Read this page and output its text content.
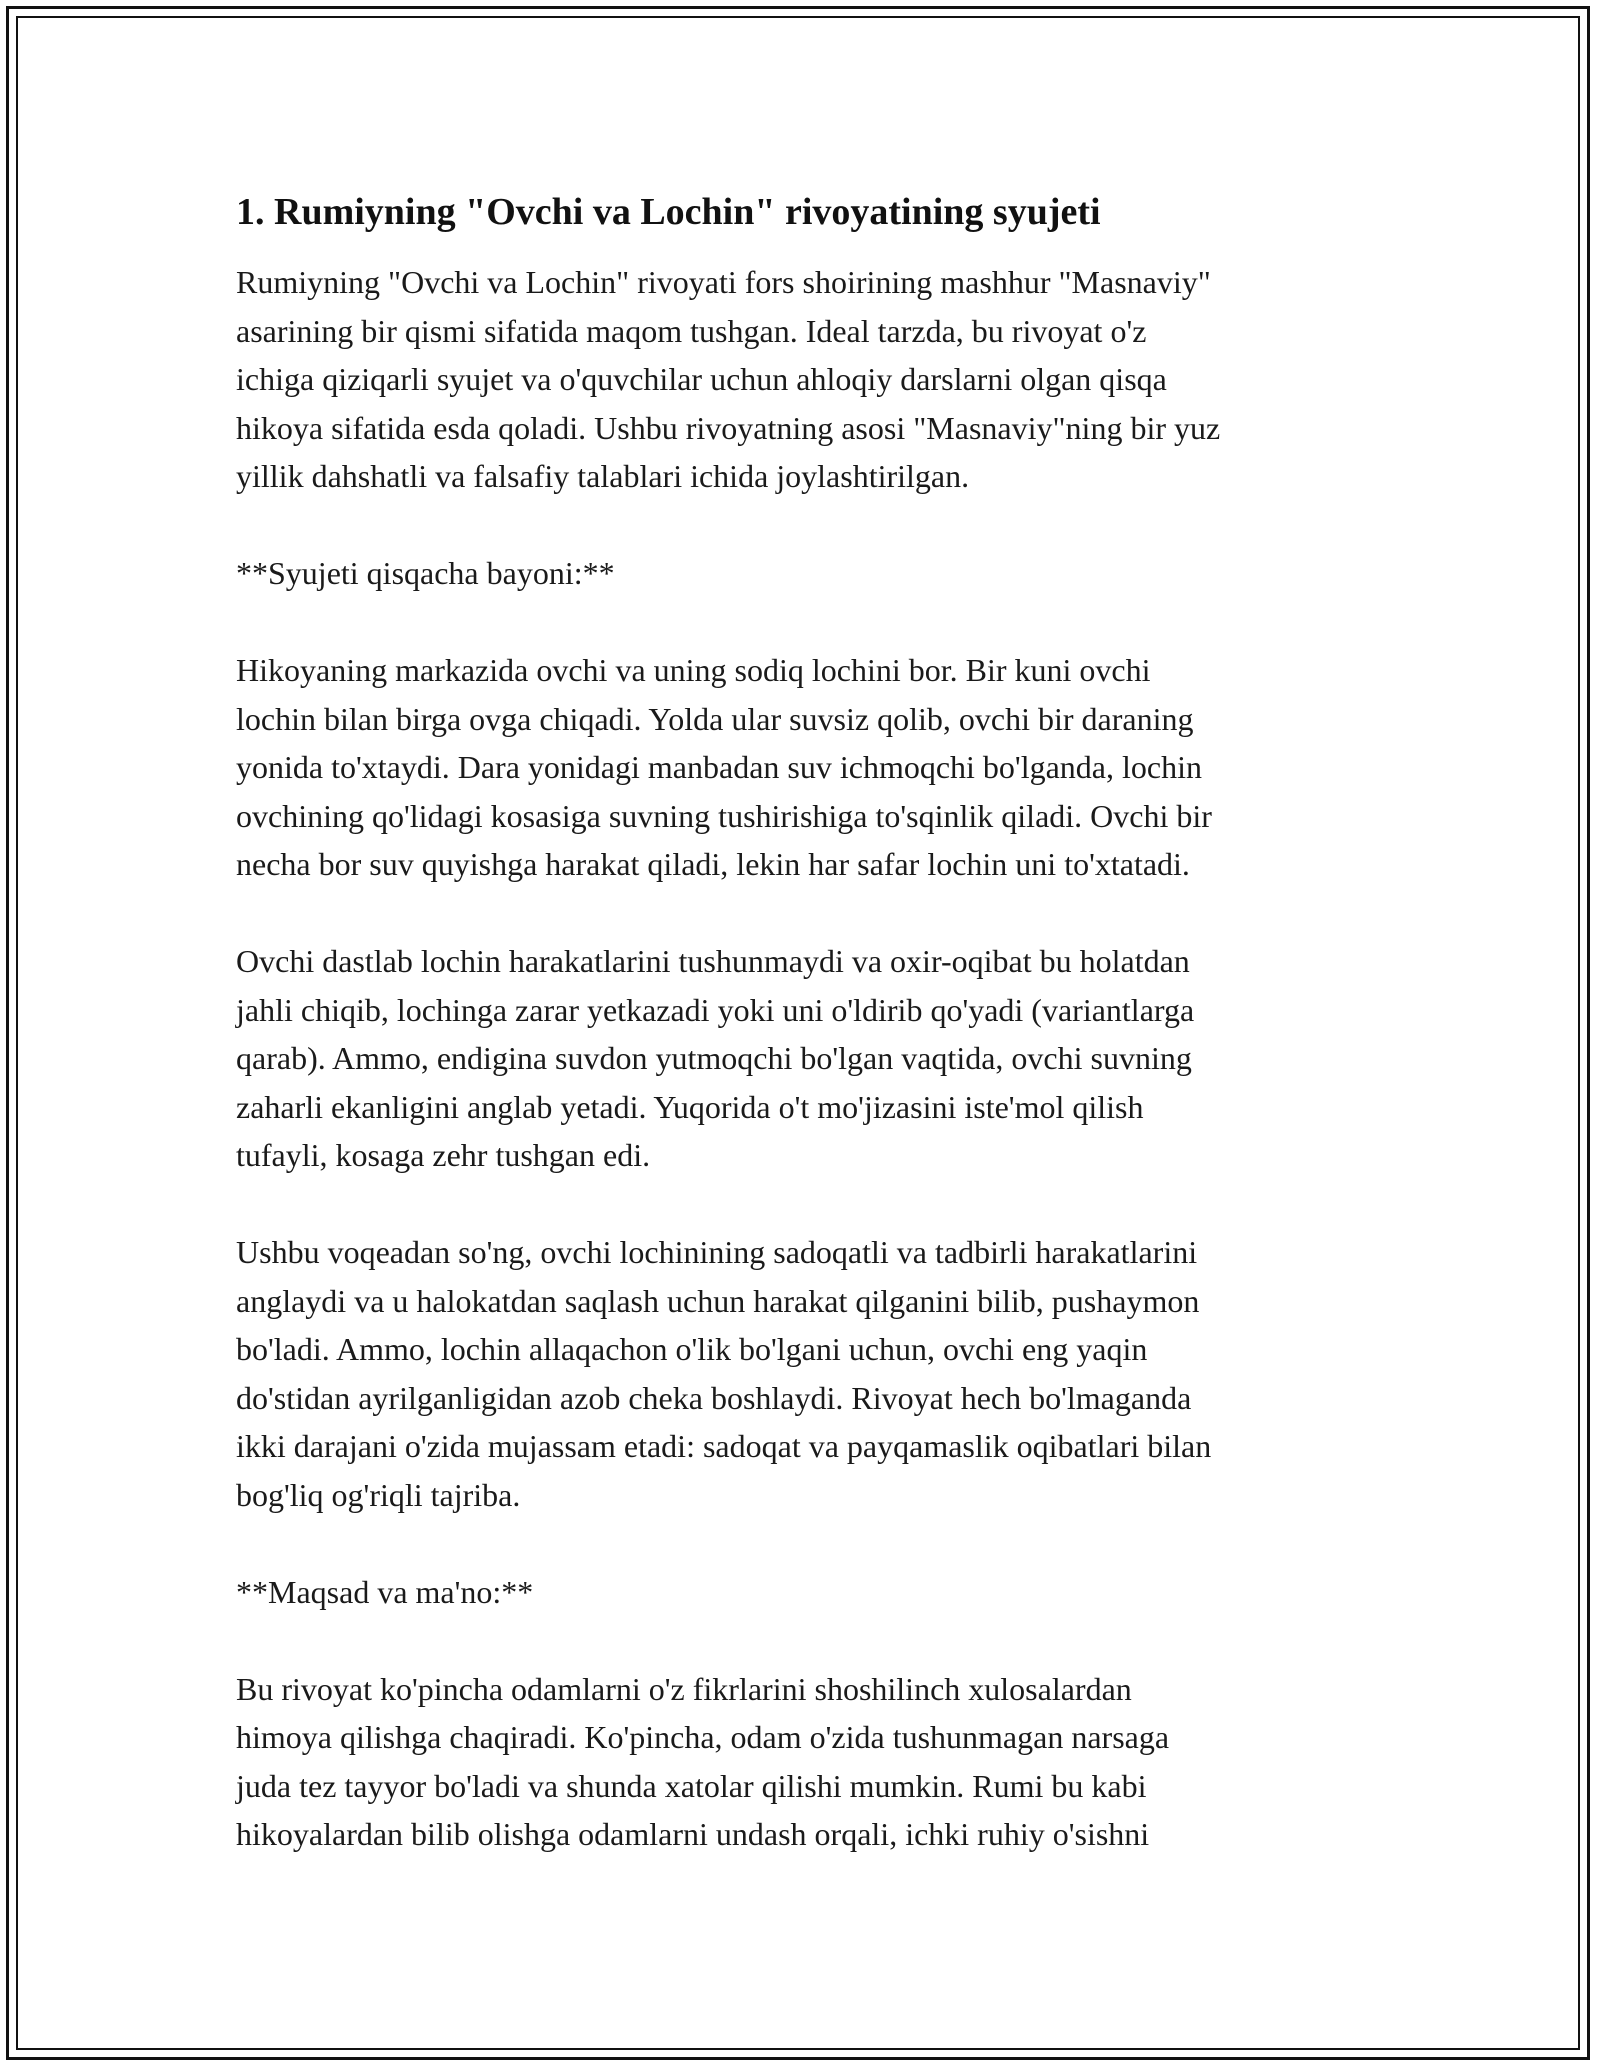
1. Rumiyning "Ovchi va Lochin" rivoyatining syujeti

Rumiyning "Ovchi va Lochin" rivoyati fors shoirining mashhur "Masnaviy"
asarining bir qismi sifatida maqom tushgan. Ideal tarzda, bu rivoyat o'z
ichiga qiziqarli syujet va o'quvchilar uchun ahloqiy darslarni olgan qisqa
hikoya sifatida esda qoladi. Ushbu rivoyatning asosi "Masnaviy"ning bir yuz
yillik dahshatli va falsafiy talablari ichida joylashtirilgan.

**Syujeti qisqacha bayoni:**

Hikoyaning markazida ovchi va uning sodiq lochini bor. Bir kuni ovchi
lochin bilan birga ovga chiqadi. Yolda ular suvsiz qolib, ovchi bir daraning
yonida to'xtaydi. Dara yonidagi manbadan suv ichmoqchi bo'lganda, lochin
ovchining qo'lidagi kosasiga suvning tushirishiga to'sqinlik qiladi. Ovchi bir
necha bor suv quyishga harakat qiladi, lekin har safar lochin uni to'xtatadi.

Ovchi dastlab lochin harakatlarini tushunmaydi va oxir-oqibat bu holatdan
jahli chiqib, lochinga zarar yetkazadi yoki uni o'ldirib qo'yadi (variantlarga
qarab). Ammo, endigina suvdon yutmoqchi bo'lgan vaqtida, ovchi suvning
zaharli ekanligini anglab yetadi. Yuqorida o't mo'jizasini iste'mol qilish
tufayli, kosaga zehr tushgan edi.

Ushbu voqeadan so'ng, ovchi lochinining sadoqatli va tadbirli harakatlarini
anglaydi va u halokatdan saqlash uchun harakat qilganini bilib, pushaymon
bo'ladi. Ammo, lochin allaqachon o'lik bo'lgani uchun, ovchi eng yaqin
do'stidan ayrilganligidan azob cheka boshlaydi. Rivoyat hech bo'lmaganda
ikki darajani o'zida mujassam etadi: sadoqat va payqamaslik oqibatlari bilan
bog'liq og'riqli tajriba.

**Maqsad va ma'no:**

Bu rivoyat ko'pincha odamlarni o'z fikrlarini shoshilinch xulosalardan
himoya qilishga chaqiradi. Ko'pincha, odam o'zida tushunmagan narsaga
juda tez tayyor bo'ladi va shunda xatolar qilishi mumkin. Rumi bu kabi
hikoyalardan bilib olishga odamlarni undash orqali, ichki ruhiy o'sishni
